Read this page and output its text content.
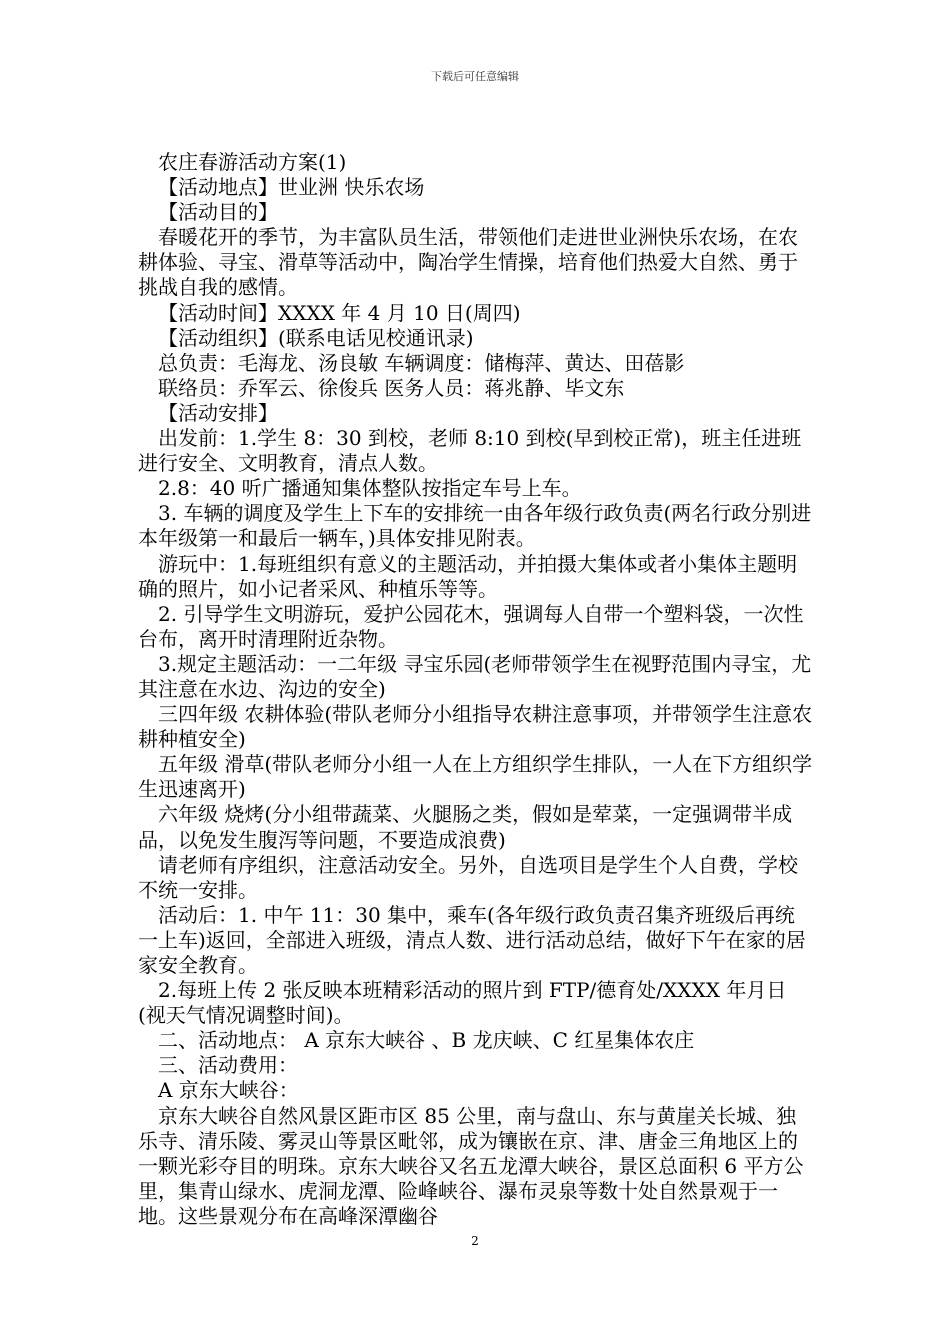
下载后可任意编辑

农庄春游活动方案(1)

【活动地点】世业洲 快乐农场

【活动目的】

春暖花开的季节，为丰富队员生活，带领他们走进世业洲快乐农场，在农耕体验、寻宝、滑草等活动中，陶冶学生情操，培育他们热爱大自然、勇于挑战自我的感情。

【活动时间】XXXX 年 4 月 10 日(周四)

【活动组织】(联系电话见校通讯录)

总负责：毛海龙、汤良敏 车辆调度：储梅萍、黄达、田蓓影

联络员：乔军云、徐俊兵 医务人员：蒋兆静、毕文东

【活动安排】

出发前：1.学生 8：30 到校，老师 8:10 到校(早到校正常)，班主任进班进行安全、文明教育，清点人数。

2.8：40 听广播通知集体整队按指定车号上车。

3. 车辆的调度及学生上下车的安排统一由各年级行政负责(两名行政分别进本年级第一和最后一辆车，)具体安排见附表。

游玩中：1.每班组织有意义的主题活动，并拍摄大集体或者小集体主题明确的照片，如小记者采风、种植乐等等。

2. 引导学生文明游玩，爱护公园花木，强调每人自带一个塑料袋，一次性台布，离开时清理附近杂物。

3.规定主题活动：一二年级 寻宝乐园(老师带领学生在视野范围内寻宝，尤其注意在水边、沟边的安全)

三四年级 农耕体验(带队老师分小组指导农耕注意事项，并带领学生注意农耕种植安全)

五年级 滑草(带队老师分小组一人在上方组织学生排队，一人在下方组织学生迅速离开)

六年级 烧烤(分小组带蔬菜、火腿肠之类，假如是荤菜，一定强调带半成品，以免发生腹泻等问题，不要造成浪费)

请老师有序组织，注意活动安全。另外，自选项目是学生个人自费，学校不统一安排。

活动后：1. 中午 11：30 集中，乘车(各年级行政负责召集齐班级后再统一上车)返回，全部进入班级，清点人数、进行活动总结，做好下午在家的居家安全教育。

2.每班上传 2 张反映本班精彩活动的照片到 FTP/德育处/XXXX 年月日(视天气情况调整时间)。

二、活动地点： A 京东大峡谷 、B 龙庆峡、C 红星集体农庄

三、活动费用：

A 京东大峡谷：

京东大峡谷自然风景区距市区 85 公里，南与盘山、东与黄崖关长城、独乐寺、清乐陵、雾灵山等景区毗邻，成为镶嵌在京、津、唐金三角地区上的一颗光彩夺目的明珠。京东大峡谷又名五龙潭大峡谷，景区总面积 6 平方公里，集青山绿水、虎洞龙潭、险峰峡谷、瀑布灵泉等数十处自然景观于一地。这些景观分布在高峰深潭幽谷

2
